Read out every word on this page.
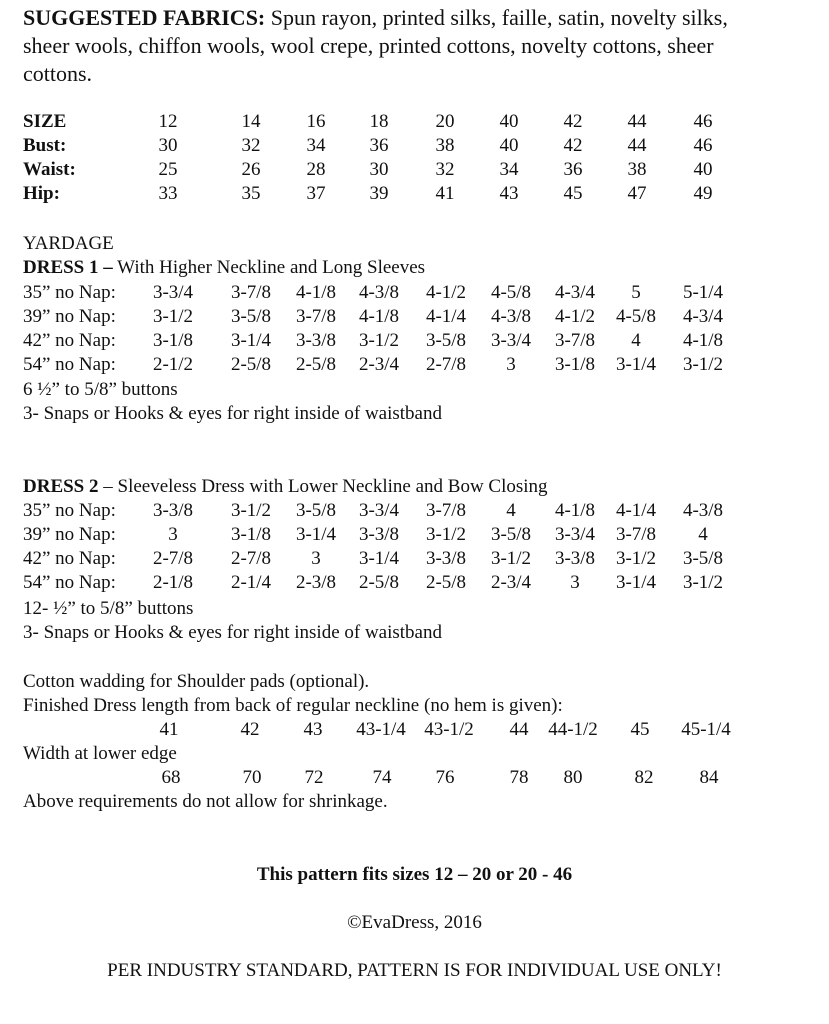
SUGGESTED FABRICS: Spun rayon, printed silks, faille, satin, novelty silks,
sheer wools, chiffon wools, wool crepe, printed cottons, novelty cottons, sheer
cottons.
SIZE	12	14	16	18	20	40	42	44	46
Bust:	30	32	34	36	38	40	42	44	46
Waist:	25	26	28	30	32	34	36	38	40
Hip:	33	35	37	39	41	43	45	47	49
YARDAGE
DRESS 1 – With Higher Neckline and Long Sleeves
35” no Nap:	3-3/4	3-7/8	4-1/8	4-3/8	4-1/2	4-5/8	4-3/4	5	5-1/4
39” no Nap:	3-1/2	3-5/8	3-7/8	4-1/8	4-1/4	4-3/8	4-1/2	4-5/8	4-3/4
42” no Nap:	3-1/8	3-1/4	3-3/8	3-1/2	3-5/8	3-3/4	3-7/8	4	4-1/8
54” no Nap:	2-1/2	2-5/8	2-5/8	2-3/4	2-7/8	3	3-1/8	3-1/4	3-1/2
6 ½” to 5/8” buttons
3- Snaps or Hooks & eyes for right inside of waistband
DRESS 2 – Sleeveless Dress with Lower Neckline and Bow Closing
35” no Nap:	3-3/8	3-1/2	3-5/8	3-3/4	3-7/8	4	4-1/8	4-1/4	4-3/8
39” no Nap:	3	3-1/8	3-1/4	3-3/8	3-1/2	3-5/8	3-3/4	3-7/8	4
42” no Nap:	2-7/8	2-7/8	3	3-1/4	3-3/8	3-1/2	3-3/8	3-1/2	3-5/8
54” no Nap:	2-1/8	2-1/4	2-3/8	2-5/8	2-5/8	2-3/4	3	3-1/4	3-1/2
12- ½” to 5/8” buttons
3- Snaps or Hooks & eyes for right inside of waistband
Cotton wadding for Shoulder pads (optional).
Finished Dress length from back of regular neckline (no hem is given):
41	42	43	43-1/4 43-1/2	44	44-1/2	45	45-1/4
Width at lower edge
68	70	72	74	76	78	80	82	84
Above requirements do not allow for shrinkage.
This pattern fits sizes 12 – 20 or 20 - 46
©EvaDress, 2016
PER INDUSTRY STANDARD, PATTERN IS FOR INDIVIDUAL USE ONLY!
